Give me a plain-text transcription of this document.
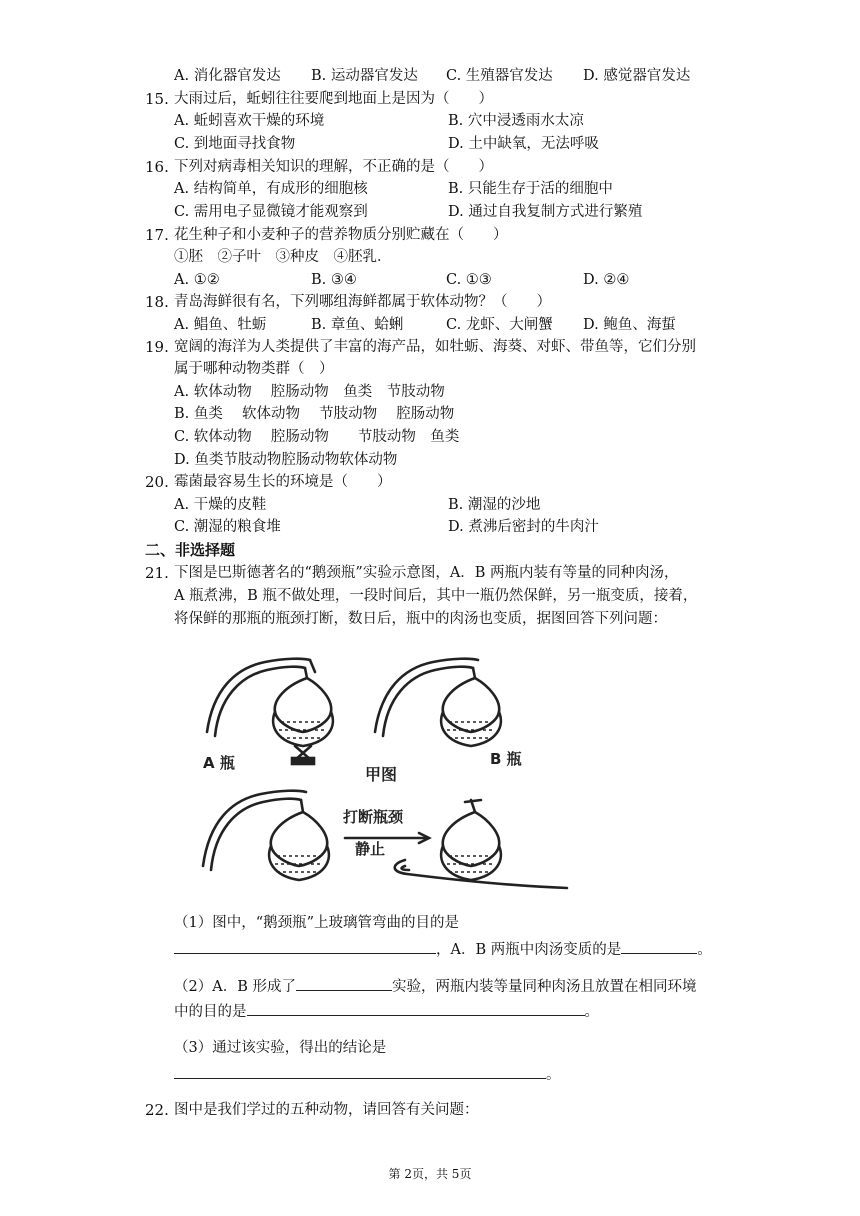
A. 消化器官发达	B. 运动器官发达	C. 生殖器官发达	D. 感觉器官发达
15. 大雨过后，蚯蚓往往要爬到地面上是因为（　　）
A. 蚯蚓喜欢干燥的环境	B. 穴中浸透雨水太凉
C. 到地面寻找食物	D. 土中缺氧，无法呼吸
16. 下列对病毒相关知识的理解，不正确的是（　　）
A. 结构简单，有成形的细胞核	B. 只能生存于活的细胞中
C. 需用电子显微镜才能观察到	D. 通过自我复制方式进行繁殖
17. 花生种子和小麦种子的营养物质分别贮藏在（　　）
①胚　②子叶　③种皮　④胚乳．
A. ①②	B. ③④	C. ①③	D. ②④
18. 青岛海鲜很有名，下列哪组海鲜都属于软体动物？（　　）
A. 鲳鱼、牡蛎	B. 章鱼、蛤蜊	C. 龙虾、大闸蟹	D. 鲍鱼、海蜇
19. 宽阔的海洋为人类提供了丰富的海产品，如牡蛎、海葵、对虾、带鱼等，它们分别
属于哪种动物类群（　）
A. 软体动物　 腔肠动物　鱼类　节肢动物
B. 鱼类　 软体动物　 节肢动物　 腔肠动物
C. 软体动物　 腔肠动物　　节肢动物　鱼类
D. 鱼类节肢动物腔肠动物软体动物
20. 霉菌最容易生长的环境是（　　）
A. 干燥的皮鞋	B. 潮湿的沙地
C. 潮湿的粮食堆	D. 煮沸后密封的牛肉汁
二、非选择题
21. 下图是巴斯德著名的“鹅颈瓶”实验示意图，A．B 两瓶内装有等量的同种肉汤，
A 瓶煮沸，B 瓶不做处理，一段时间后，其中一瓶仍然保鲜，另一瓶变质，接着，
将保鲜的那瓶的瓶颈打断，数日后，瓶中的肉汤也变质，据图回答下列问题：
A 瓶	B 瓶
甲图
打断瓶颈
静止
（1）图中，“鹅颈瓶”上玻璃管弯曲的目的是
，A．B 两瓶中肉汤变质的是	。
（2）A．B 形成了	实验，两瓶内装等量同种肉汤且放置在相同环境
中的目的是	。
（3）通过该实验，得出的结论是
。
22. 图中是我们学过的五种动物，请回答有关问题：
第 2页，共 5页
